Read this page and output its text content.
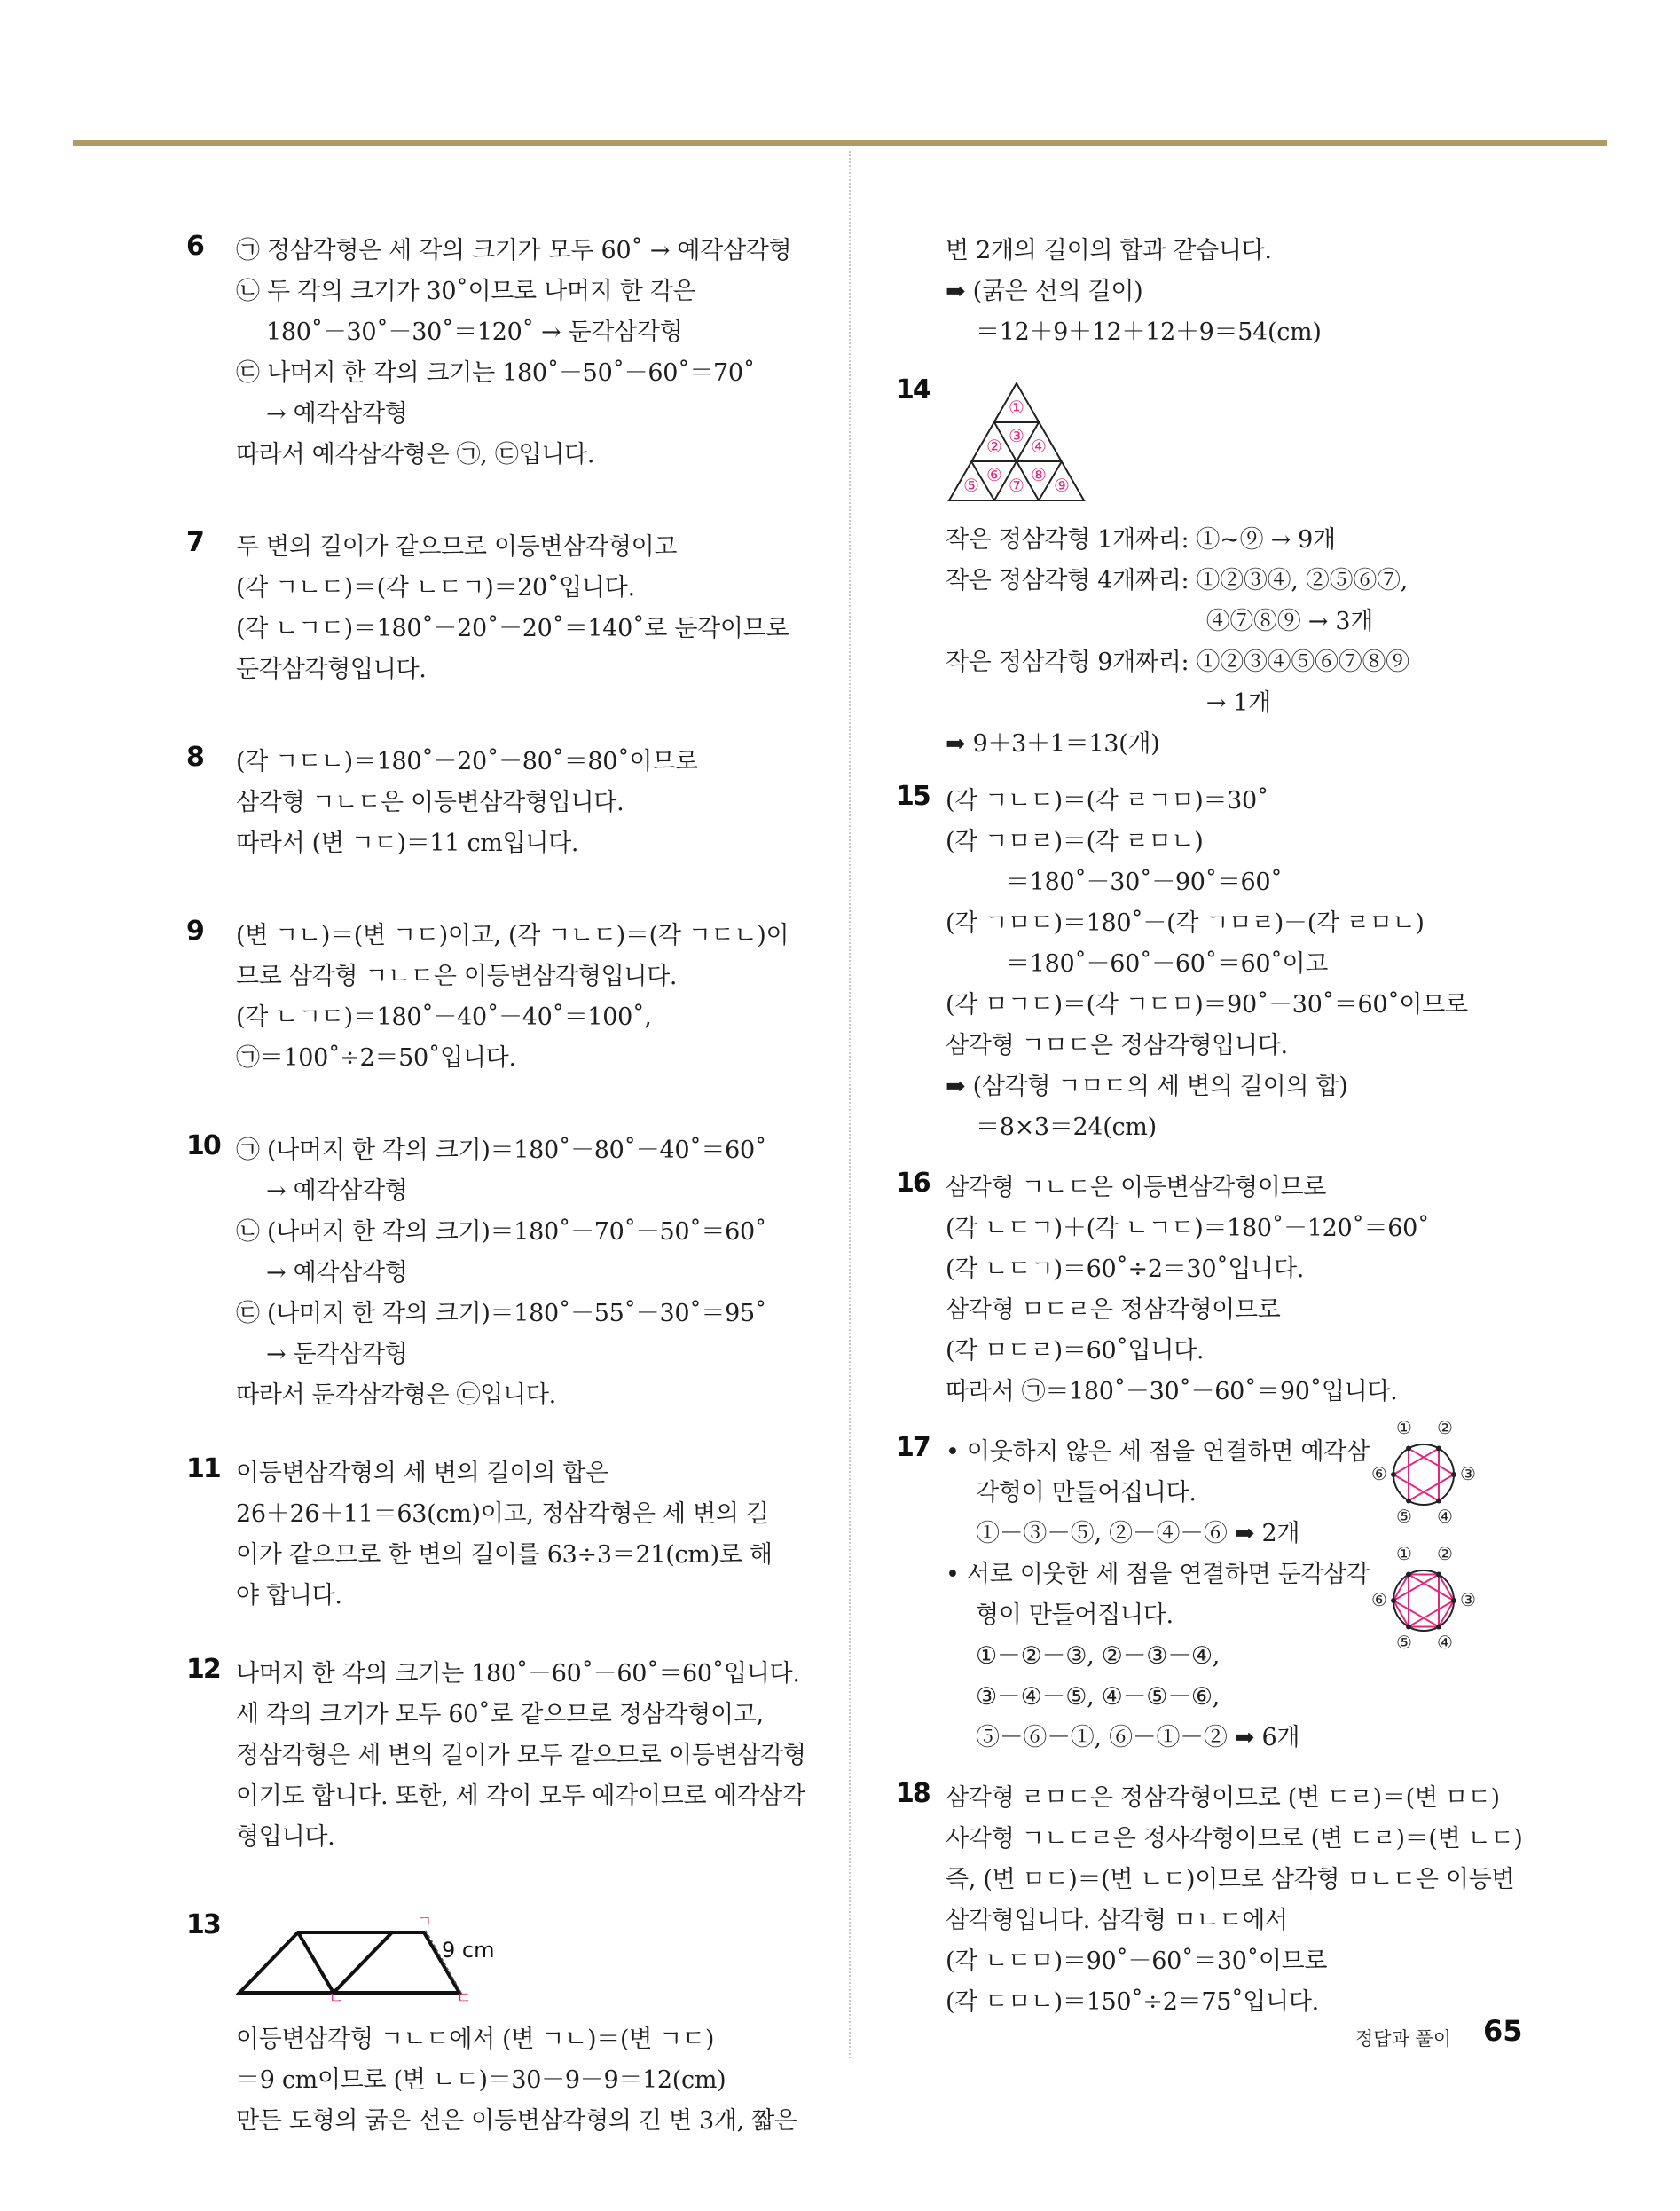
6 ㉠ 정삼각형은 세 각의 크기가 모두 60˚ → 예각삼각형
㉡ 두 각의 크기가 30˚이므로 나머지 한 각은
180˚－30˚－30˚＝120˚ → 둔각삼각형
㉢ 나머지 한 각의 크기는 180˚－50˚－60˚＝70˚
→ 예각삼각형
따라서 예각삼각형은 ㉠, ㉢입니다.
7 두 변의 길이가 같으므로 이등변삼각형이고
(각 ㄱㄴㄷ)＝(각 ㄴㄷㄱ)＝20˚입니다.
(각 ㄴㄱㄷ)＝180˚－20˚－20˚＝140˚로 둔각이므로
둔각삼각형입니다.
8 (각 ㄱㄷㄴ)＝180˚－20˚－80˚＝80˚이므로
삼각형 ㄱㄴㄷ은 이등변삼각형입니다.
따라서 (변 ㄱㄷ)＝11 cm입니다.
9 (변 ㄱㄴ)＝(변 ㄱㄷ)이고, (각 ㄱㄴㄷ)＝(각 ㄱㄷㄴ)이
므로 삼각형 ㄱㄴㄷ은 이등변삼각형입니다.
(각 ㄴㄱㄷ)＝180˚－40˚－40˚＝100˚,
㉠＝100˚÷2＝50˚입니다.
10 ㉠ (나머지 한 각의 크기)＝180˚－80˚－40˚＝60˚
→ 예각삼각형
㉡ (나머지 한 각의 크기)＝180˚－70˚－50˚＝60˚
→ 예각삼각형
㉢ (나머지 한 각의 크기)＝180˚－55˚－30˚＝95˚
→ 둔각삼각형
따라서 둔각삼각형은 ㉢입니다.
11 이등변삼각형의 세 변의 길이의 합은
26＋26＋11＝63(cm)이고, 정삼각형은 세 변의 길
이가 같으므로 한 변의 길이를 63÷3＝21(cm)로 해
야 합니다.
12 나머지 한 각의 크기는 180˚－60˚－60˚＝60˚입니다.
세 각의 크기가 모두 60˚로 같으므로 정삼각형이고,
정삼각형은 세 변의 길이가 모두 같으므로 이등변삼각형
이기도 합니다. 또한, 세 각이 모두 예각이므로 예각삼각
형입니다.
13
9 cm
ㄱ
ㄴ	ㄷ
이등변삼각형 ㄱㄴㄷ에서 (변 ㄱㄴ)＝(변 ㄱㄷ)
＝9 cm이므로 (변 ㄴㄷ)＝30－9－9＝12(cm)
만든 도형의 굵은 선은 이등변삼각형의 긴 변 3개, 짧은
변 2개의 길이의 합과 같습니다.
➡ (굵은 선의 길이)
＝12＋9＋12＋12＋9＝54(cm)
14
①
② ③ ④
⑤ ⑥ ⑦ ⑧ ⑨
작은 정삼각형 1개짜리: ①~⑨ → 9개
작은 정삼각형 4개짜리: ①②③④, ②⑤⑥⑦,
　　　　　　　　　　　④⑦⑧⑨ → 3개
작은 정삼각형 9개짜리: ①②③④⑤⑥⑦⑧⑨
　　　　　　　　　　　→ 1개
➡ 9＋3＋1＝13(개)
15 (각 ㄱㄴㄷ)＝(각 ㄹㄱㅁ)＝30˚
(각 ㄱㅁㄹ)＝(각 ㄹㅁㄴ)
＝180˚－30˚－90˚＝60˚
(각 ㄱㅁㄷ)＝180˚－(각 ㄱㅁㄹ)－(각 ㄹㅁㄴ)
＝180˚－60˚－60˚＝60˚이고
(각 ㅁㄱㄷ)＝(각 ㄱㄷㅁ)＝90˚－30˚＝60˚이므로
삼각형 ㄱㅁㄷ은 정삼각형입니다.
➡ (삼각형 ㄱㅁㄷ의 세 변의 길이의 합)
＝8×3＝24(cm)
16 삼각형 ㄱㄴㄷ은 이등변삼각형이므로
(각 ㄴㄷㄱ)＋(각 ㄴㄱㄷ)＝180˚－120˚＝60˚
(각 ㄴㄷㄱ)＝60˚÷2＝30˚입니다.
삼각형 ㅁㄷㄹ은 정삼각형이므로
(각 ㅁㄷㄹ)＝60˚입니다.
따라서 ㉠＝180˚－30˚－60˚＝90˚입니다.
17 • 이웃하지 않은 세 점을 연결하면 예각삼
각형이 만들어집니다.
①－③－⑤, ②－④－⑥ ➡ 2개
• 서로 이웃한 세 점을 연결하면 둔각삼각
형이 만들어집니다.
①－②－③, ②－③－④,
③－④－⑤, ④－⑤－⑥,
⑤－⑥－①, ⑥－①－② ➡ 6개
① ②
③
④
⑤
⑥
① ②
③
④
⑤
⑥
18 삼각형 ㄹㅁㄷ은 정삼각형이므로 (변 ㄷㄹ)＝(변 ㅁㄷ)
사각형 ㄱㄴㄷㄹ은 정사각형이므로 (변 ㄷㄹ)＝(변 ㄴㄷ)
즉, (변 ㅁㄷ)＝(변 ㄴㄷ)이므로 삼각형 ㅁㄴㄷ은 이등변
삼각형입니다. 삼각형 ㅁㄴㄷ에서
(각 ㄴㄷㅁ)＝90˚－60˚＝30˚이므로
(각 ㄷㅁㄴ)＝150˚÷2＝75˚입니다.
정답과 풀이 65
